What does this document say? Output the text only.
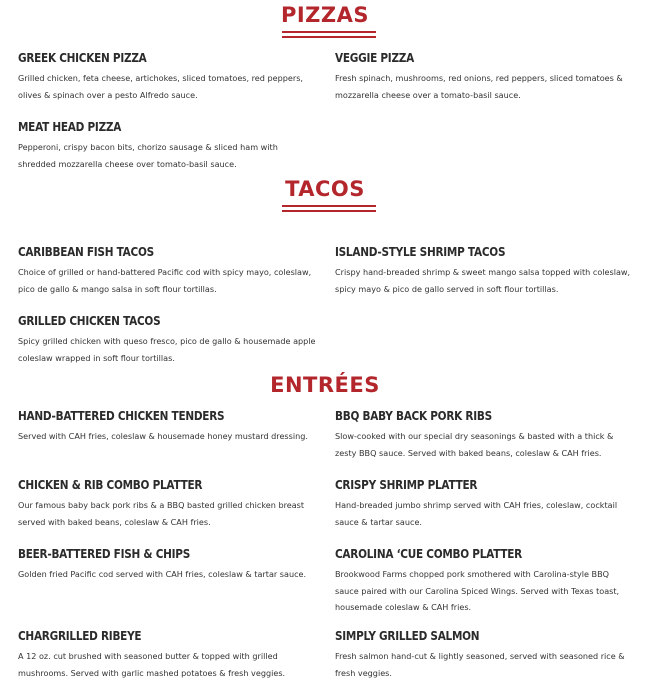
PIZZAS
GREEK CHICKEN PIZZA
Grilled chicken, feta cheese, artichokes, sliced tomatoes, red peppers, olives & spinach over a pesto Alfredo sauce.
VEGGIE PIZZA
Fresh spinach, mushrooms, red onions, red peppers, sliced tomatoes & mozzarella cheese over a tomato-basil sauce.
MEAT HEAD PIZZA
Pepperoni, crispy bacon bits, chorizo sausage & sliced ham with shredded mozzarella cheese over tomato-basil sauce.
TACOS
CARIBBEAN FISH TACOS
Choice of grilled or hand-battered Pacific cod with spicy mayo, coleslaw, pico de gallo & mango salsa in soft flour tortillas.
ISLAND-STYLE SHRIMP TACOS
Crispy hand-breaded shrimp & sweet mango salsa topped with coleslaw, spicy mayo & pico de gallo served in soft flour tortillas.
GRILLED CHICKEN TACOS
Spicy grilled chicken with queso fresco, pico de gallo & housemade apple coleslaw wrapped in soft flour tortillas.
ENTRÉES
HAND-BATTERED CHICKEN TENDERS
Served with CAH fries, coleslaw & housemade honey mustard dressing.
BBQ BABY BACK PORK RIBS
Slow-cooked with our special dry seasonings & basted with a thick & zesty BBQ sauce. Served with baked beans, coleslaw & CAH fries.
CHICKEN & RIB COMBO PLATTER
Our famous baby back pork ribs & a BBQ basted grilled chicken breast served with baked beans, coleslaw & CAH fries.
CRISPY SHRIMP PLATTER
Hand-breaded jumbo shrimp served with CAH fries, coleslaw, cocktail sauce & tartar sauce.
BEER-BATTERED FISH & CHIPS
Golden fried Pacific cod served with CAH fries, coleslaw & tartar sauce.
CAROLINA ‘CUE COMBO PLATTER
Brookwood Farms chopped pork smothered with Carolina-style BBQ sauce paired with our Carolina Spiced Wings. Served with Texas toast, housemade coleslaw & CAH fries.
CHARGRILLED RIBEYE
A 12 oz. cut brushed with seasoned butter & topped with grilled mushrooms. Served with garlic mashed potatoes & fresh veggies.
SIMPLY GRILLED SALMON
Fresh salmon hand-cut & lightly seasoned, served with seasoned rice & fresh veggies.
